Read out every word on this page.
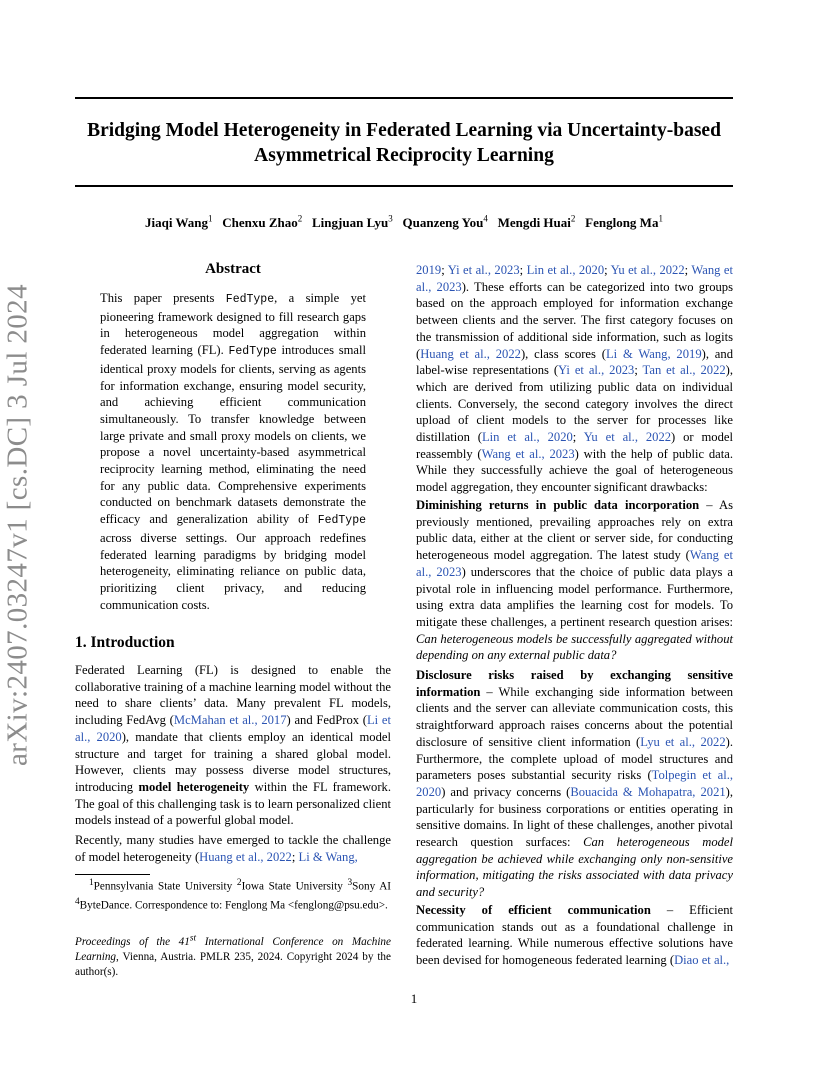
Bridging Model Heterogeneity in Federated Learning via Uncertainty-based Asymmetrical Reciprocity Learning
Jiaqi Wang$^1$ Chenxu Zhao$^2$ Lingjuan Lyu$^3$ Quanzeng You$^4$ Mengdi Huai$^2$ Fenglong Ma$^1$
arXiv:2407.03247v1 [cs.DC] 3 Jul 2024
Abstract

This paper presents FedType, a simple yet pioneering framework designed to fill research gaps in heterogeneous model aggregation within federated learning (FL). FedType introduces small identical proxy models for clients, serving as agents for information exchange, ensuring model security, and achieving efficient communication simultaneously. To transfer knowledge between large private and small proxy models on clients, we propose a novel uncertainty-based asymmetrical reciprocity learning method, eliminating the need for any public data. Comprehensive experiments conducted on benchmark datasets demonstrate the efficacy and generalization ability of FedType across diverse settings. Our approach redefines federated learning paradigms by bridging model heterogeneity, eliminating reliance on public data, prioritizing client privacy, and reducing communication costs.

1. Introduction

Federated Learning (FL) is designed to enable the collaborative training of a machine learning model without the need to share clients’ data. Many prevalent FL models, including FedAvg (McMahan et al., 2017) and FedProx (Li et al., 2020), mandate that clients employ an identical model structure and target for training a shared global model. However, clients may possess diverse model structures, introducing model heterogeneity within the FL framework. The goal of this challenging task is to learn personalized client models instead of a powerful global model.

Recently, many studies have emerged to tackle the challenge of model heterogeneity (Huang et al., 2022; Li & Wang,

$^1$Pennsylvania State University $^2$Iowa State University $^3$Sony AI $^4$ByteDance. Correspondence to: Fenglong Ma <fenglong@psu.edu>.

Proceedings of the 41st International Conference on Machine Learning, Vienna, Austria. PMLR 235, 2024. Copyright 2024 by the author(s).

2019; Yi et al., 2023; Lin et al., 2020; Yu et al., 2022; Wang et al., 2023). These efforts can be categorized into two groups based on the approach employed for information exchange between clients and the server. The first category focuses on the transmission of additional side information, such as logits (Huang et al., 2022), class scores (Li & Wang, 2019), and label-wise representations (Yi et al., 2023; Tan et al., 2022), which are derived from utilizing public data on individual clients. Conversely, the second category involves the direct upload of client models to the server for processes like distillation (Lin et al., 2020; Yu et al., 2022) or model reassembly (Wang et al., 2023) with the help of public data. While they successfully achieve the goal of heterogeneous model aggregation, they encounter significant drawbacks:

Diminishing returns in public data incorporation – As previously mentioned, prevailing approaches rely on extra public data, either at the client or server side, for conducting heterogeneous model aggregation. The latest study (Wang et al., 2023) underscores that the choice of public data plays a pivotal role in influencing model performance. Furthermore, using extra data amplifies the learning cost for models. To mitigate these challenges, a pertinent research question arises: Can heterogeneous models be successfully aggregated without depending on any external public data?

Disclosure risks raised by exchanging sensitive information – While exchanging side information between clients and the server can alleviate communication costs, this straightforward approach raises concerns about the potential disclosure of sensitive client information (Lyu et al., 2022). Furthermore, the complete upload of model structures and parameters poses substantial security risks (Tolpegin et al., 2020) and privacy concerns (Bouacida & Mohapatra, 2021), particularly for business corporations or entities operating in sensitive domains. In light of these challenges, another pivotal research question surfaces: Can heterogeneous model aggregation be achieved while exchanging only non-sensitive information, mitigating the risks associated with data privacy and security?

Necessity of efficient communication – Efficient communication stands out as a foundational challenge in federated learning. While numerous effective solutions have been devised for homogeneous federated learning (Diao et al.,

1
